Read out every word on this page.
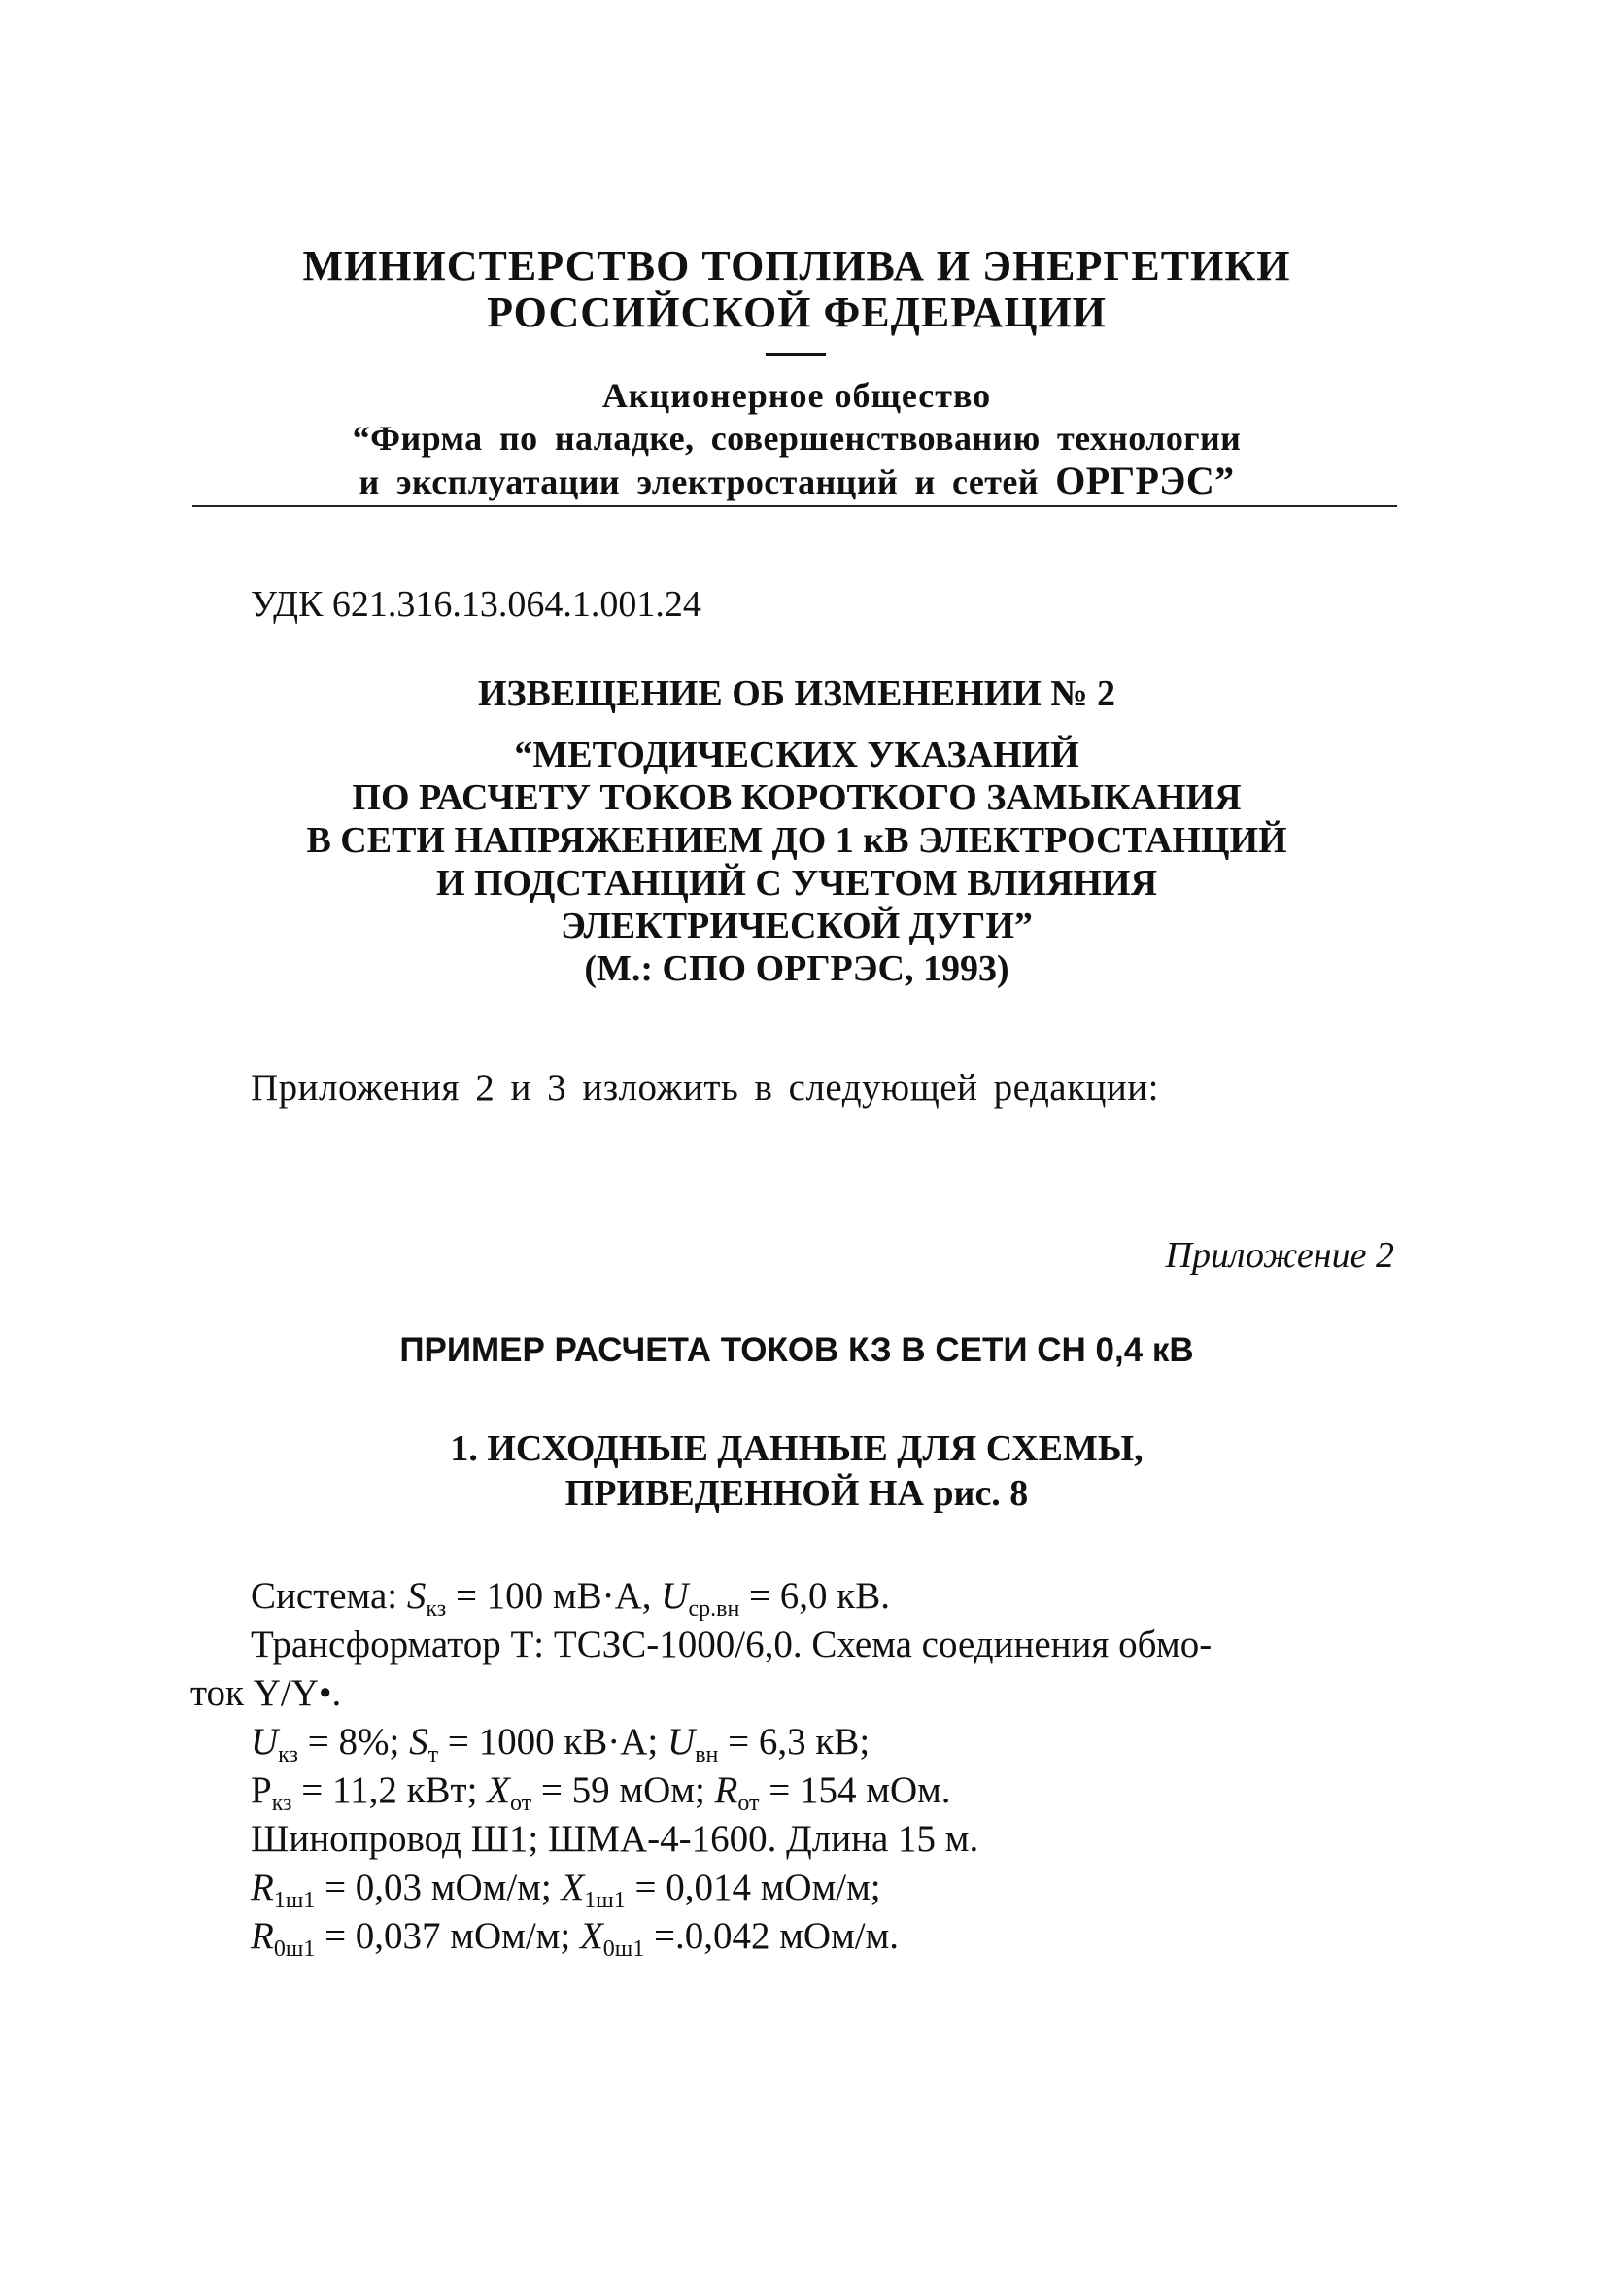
МИНИСТЕРСТВО ТОПЛИВА И ЭНЕРГЕТИКИ
РОССИЙСКОЙ ФЕДЕРАЦИИ
Акционерное общество
“Фирма по наладке, совершенствованию технологии
и эксплуатации электростанций и сетей ОРГРЭС”
УДК 621.316.13.064.1.001.24
ИЗВЕЩЕНИЕ ОБ ИЗМЕНЕНИИ № 2
“МЕТОДИЧЕСКИХ УКАЗАНИЙ
ПО РАСЧЕТУ ТОКОВ КОРОТКОГО ЗАМЫКАНИЯ
В СЕТИ НАПРЯЖЕНИЕМ ДО 1 кВ ЭЛЕКТРОСТАНЦИЙ
И ПОДСТАНЦИЙ С УЧЕТОМ ВЛИЯНИЯ
ЭЛЕКТРИЧЕСКОЙ ДУГИ”
(М.: СПО ОРГРЭС, 1993)
Приложения 2 и 3 изложить в следующей редакции:
Приложение 2
ПРИМЕР РАСЧЕТА ТОКОВ КЗ В СЕТИ СН 0,4 кВ
1. ИСХОДНЫЕ ДАННЫЕ ДЛЯ СХЕМЫ,
ПРИВЕДЕННОЙ НА рис. 8
Система: $S_{кз} = 100$ мВ·А, $U_{ср.вн} = 6,0$ кВ.
Трансформатор Т: ТСЗС-1000/6,0. Схема соединения обмо-
ток Y/Y•.
$U_{кз} = 8\%$; $S_т = 1000$ кВ·А; $U_{вн} = 6,3$ кВ;
$P_{кз} = 11,2$ кВт; $X_{от} = 59$ мОм; $R_{от} = 154$ мОм.
Шинопровод Ш1; ШМА-4-1600. Длина 15 м.
$R_{1ш1} = 0,03$ мОм/м; $X_{1ш1} = 0,014$ мОм/м;
$R_{0ш1} = 0,037$ мОм/м; $X_{0ш1} =.0,042$ мОм/м.
